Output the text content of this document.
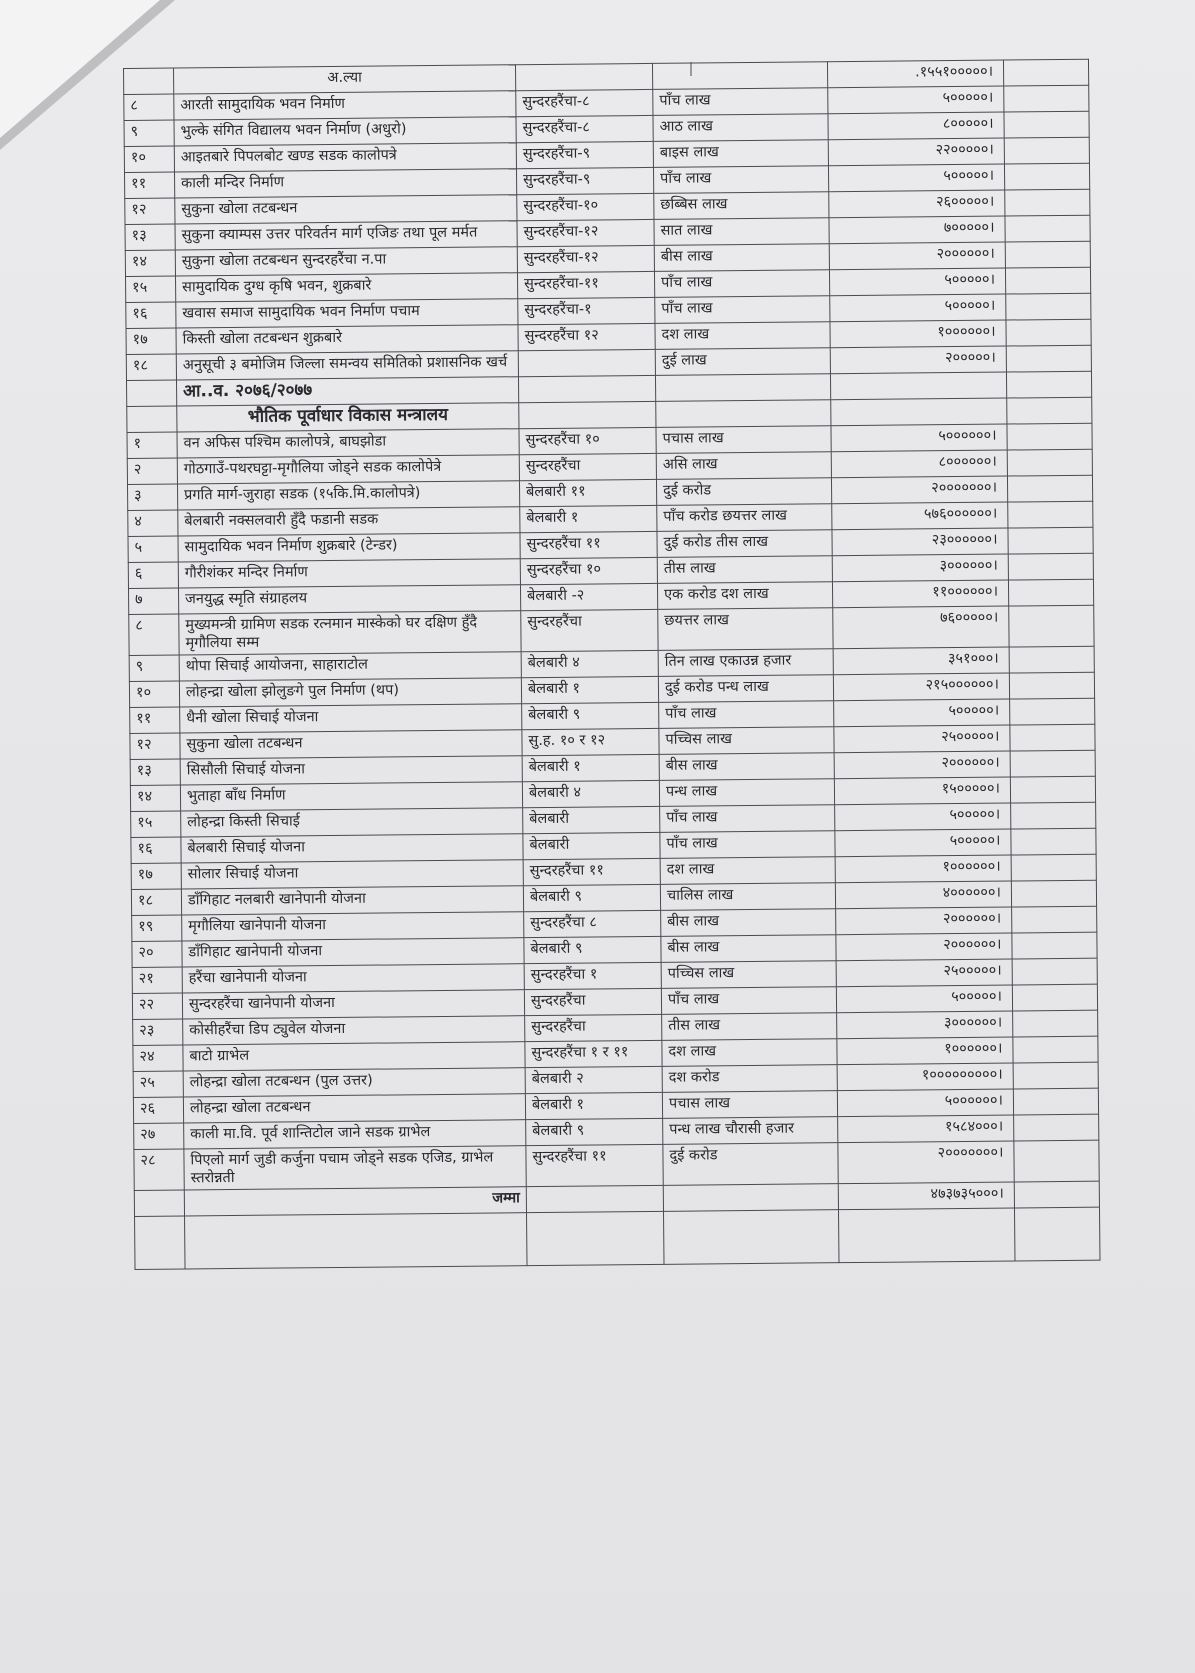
	अ.ल्या			.१५५१०००००।	
८	आरती सामुदायिक भवन निर्माण	सुन्दरहरैंचा-८	पाँच लाख	५०००००।	
९	भुल्के संगित विद्यालय भवन निर्माण (अधुरो)	सुन्दरहरैंचा-८	आठ लाख	८०००००।	
१०	आइतबारे पिपलबोट खण्ड सडक कालोपत्रे	सुन्दरहरैंचा-९	बाइस लाख	२२०००००।	
११	काली मन्दिर निर्माण	सुन्दरहरैंचा-९	पाँच लाख	५०००००।	
१२	सुकुना खोला तटबन्धन	सुन्दरहरैंचा-१०	छब्बिस लाख	२६०००००।	
१३	सुकुना क्याम्पस उत्तर परिवर्तन मार्ग एजिङ तथा पूल मर्मत	सुन्दरहरैंचा-१२	सात लाख	७०००००।	
१४	सुकुना खोला तटबन्धन सुन्दरहरैंचा न.पा	सुन्दरहरैंचा-१२	बीस लाख	२००००००।	
१५	सामुदायिक दुग्ध कृषि भवन, शुक्रबारे	सुन्दरहरैंचा-११	पाँच लाख	५०००००।	
१६	खवास समाज सामुदायिक भवन निर्माण पचाम	सुन्दरहरैंचा-१	पाँच लाख	५०००००।	
१७	किस्ती खोला तटबन्धन शुक्रबारे	सुन्दरहरैंचा १२	दश लाख	१००००००।	
१८	अनुसूची ३ बमोजिम जिल्ला समन्वय समितिको प्रशासनिक खर्च		दुई लाख	२०००००।	
	आ..व. २०७६/२०७७				
	भौतिक पूर्वाधार विकास मन्त्रालय				
१	वन अफिस पश्चिम कालोपत्रे, बाघझोडा	सुन्दरहरैंचा १०	पचास लाख	५००००००।	
२	गोठगाउँ-पथरघट्टा-मृगौलिया जोड्ने सडक कालोपेत्रे	सुन्दरहरैंचा	असि लाख	८००००००।	
३	प्रगति मार्ग-जुराहा सडक (१५कि.मि.कालोपत्रे)	बेलबारी ११	दुई करोड	२०००००००।	
४	बेलबारी नक्सलवारी हुँदै फडानी सडक	बेलबारी १	पाँच करोड छयत्तर लाख	५७६००००००।	
५	सामुदायिक भवन निर्माण शुक्रबारे (टेन्डर)	सुन्दरहरैंचा ११	दुई करोड तीस लाख	२३००००००।	
६	गौरीशंकर मन्दिर निर्माण	सुन्दरहरैंचा १०	तीस लाख	३००००००।	
७	जनयुद्ध स्मृति संग्राहलय	बेलबारी -२	एक करोड दश लाख	११००००००।	
८	मुख्यमन्त्री ग्रामिण सडक रत्नमान मास्केको घर दक्षिण हुँदै मृगौलिया सम्म	सुन्दरहरैंचा	छयत्तर लाख	७६०००००।	
९	थोपा सिचाई आयोजना, साहाराटोल	बेलबारी ४	तिन लाख एकाउन्न हजार	३५१०००।	
१०	लोहन्द्रा खोला झोलुङगे पुल निर्माण (थप)	बेलबारी १	दुई करोड पन्ध लाख	२१५००००००।	
११	धैनी खोला सिचाई योजना	बेलबारी ९	पाँच लाख	५०००००।	
१२	सुकुना खोला तटबन्धन	सु.ह. १० र १२	पच्चिस लाख	२५०००००।	
१३	सिसौली सिचाई योजना	बेलबारी १	बीस लाख	२००००००।	
१४	भुताहा बाँध निर्माण	बेलबारी ४	पन्ध लाख	१५०००००।	
१५	लोहन्द्रा किस्ती सिचाई	बेलबारी	पाँच लाख	५०००००।	
१६	बेलबारी सिचाई योजना	बेलबारी	पाँच लाख	५०००००।	
१७	सोलार सिचाई योजना	सुन्दरहरैंचा ११	दश लाख	१००००००।	
१८	डाँगिहाट नलबारी खानेपानी योजना	बेलबारी ९	चालिस लाख	४००००००।	
१९	मृगौलिया खानेपानी योजना	सुन्दरहरैंचा ८	बीस लाख	२००००००।	
२०	डाँगिहाट खानेपानी योजना	बेलबारी ९	बीस लाख	२००००००।	
२१	हरैंचा खानेपानी योजना	सुन्दरहरैंचा १	पच्चिस लाख	२५०००००।	
२२	सुन्दरहरैंचा खानेपानी योजना	सुन्दरहरैंचा	पाँच लाख	५०००००।	
२३	कोसीहरैंचा डिप ट्युवेल योजना	सुन्दरहरैंचा	तीस लाख	३००००००।	
२४	बाटो ग्राभेल	सुन्दरहरैंचा १ र ११	दश लाख	१००००००।	
२५	लोहन्द्रा खोला तटबन्धन (पुल उत्तर)	बेलबारी २	दश करोड	१०००००००००।	
२६	लोहन्द्रा खोला तटबन्धन	बेलबारी १	पचास लाख	५००००००।	
२७	काली मा.वि. पूर्व शान्तिटोल जाने सडक ग्राभेल	बेलबारी ९	पन्ध लाख चौरासी हजार	१५८४०००।	
२८	पिएलो मार्ग जुडी कर्जुना पचाम जोड्ने सडक एजिड, ग्राभेल स्तरोन्नती	सुन्दरहरैंचा ११	दुई करोड	२०००००००।	
	जम्मा			४७३७३५०००।	
